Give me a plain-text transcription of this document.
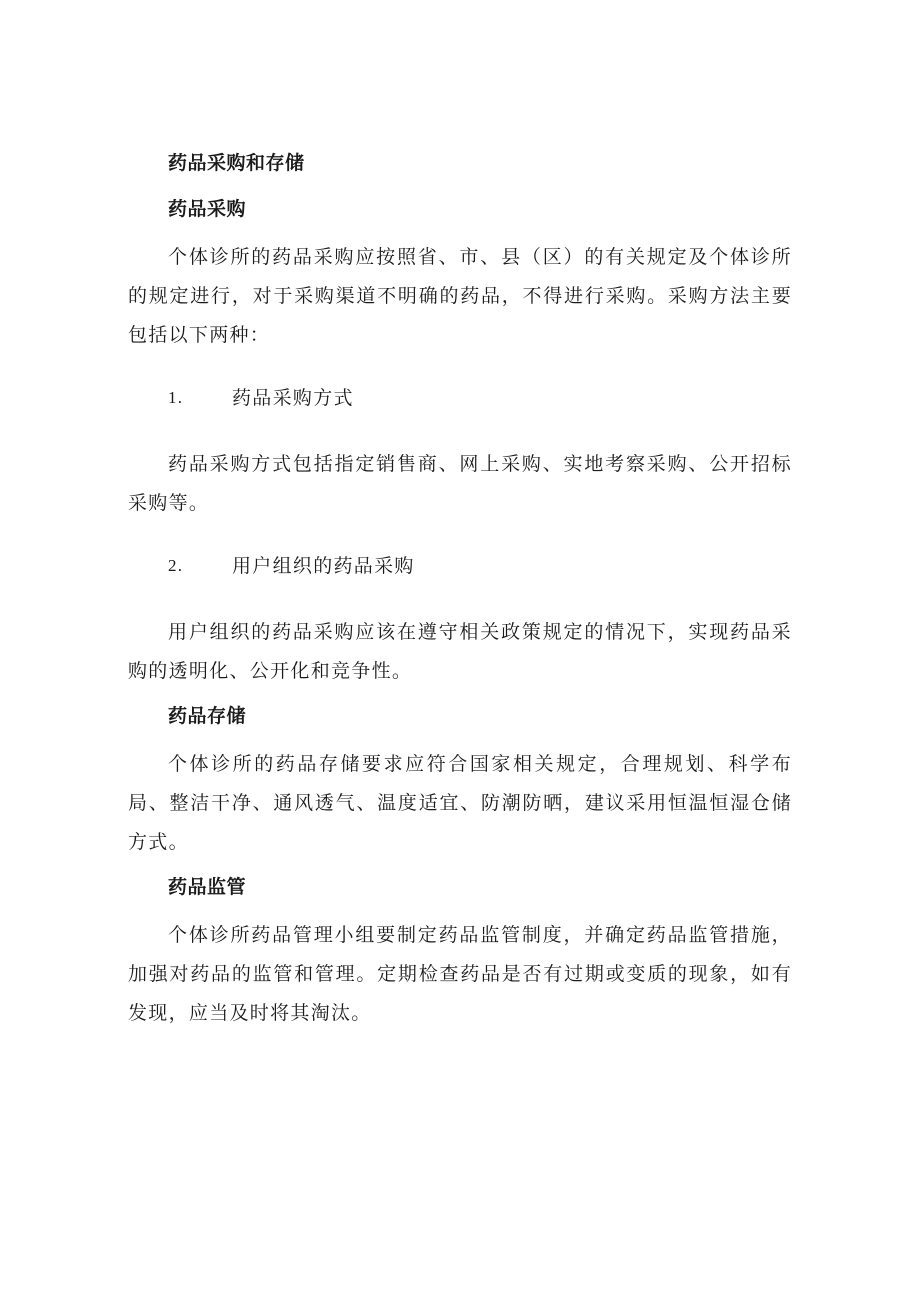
药品采购和存储
药品采购

个体诊所的药品采购应按照省、市、县（区）的有关规定及个体诊所的规定进行，对于采购渠道不明确的药品，不得进行采购。采购方法主要包括以下两种：

1.	药品采购方式

药品采购方式包括指定销售商、网上采购、实地考察采购、公开招标采购等。

2.	用户组织的药品采购

用户组织的药品采购应该在遵守相关政策规定的情况下，实现药品采购的透明化、公开化和竞争性。

药品存储

个体诊所的药品存储要求应符合国家相关规定，合理规划、科学布局、整洁干净、通风透气、温度适宜、防潮防晒，建议采用恒温恒湿仓储方式。

药品监管

个体诊所药品管理小组要制定药品监管制度，并确定药品监管措施，加强对药品的监管和管理。定期检查药品是否有过期或变质的现象，如有发现，应当及时将其淘汰。
